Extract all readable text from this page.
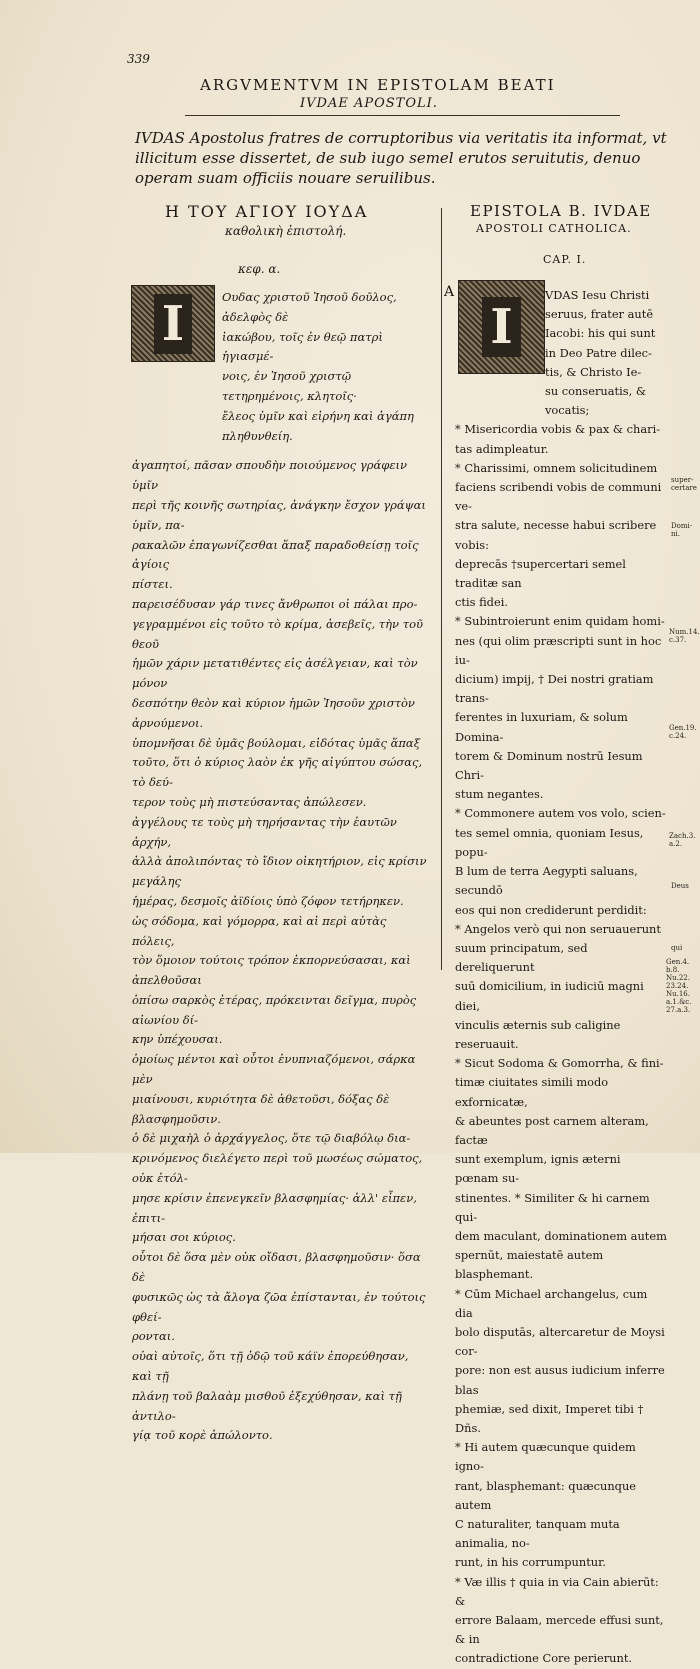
339
ARGVMENTVM IN EPISTOLAM BEATI
IVDAE APOSTOLI.
IVDAS Apostolus fratres de corruptoribus via veritatis ita informat, vt illicitum esse dissertet, de sub iugo semel erutos seruitutis, denuo operam suam officiis nouare seruilibus.
Η ΤΟΥ ΑΓΙΟΥ ΙΟΥΔΑ
καθολικὴ ἐπιστολή.
κεφ. α.
I	Ουδας χριστοῦ Ἰησοῦ δοῦλος, ἀδελφὸς δὲ

ἰακώβου, τοῖς ἐν θεῷ πατρὶ ἡγιασμέ-

νοις, ἐν Ἰησοῦ χριστῷ τετηρημένοις, κλητοῖς·

ἔλεος ὑμῖν καὶ εἰρήνη καὶ ἀγάπη

πληθυνθείη.

ἀγαπητοί, πᾶσαν σπουδὴν ποιούμενος γράφειν ὑμῖν

περὶ τῆς κοινῆς σωτηρίας, ἀνάγκην ἔσχον γράψαι ὑμῖν, πα-

ρακαλῶν ἐπαγωνίζεσθαι ἅπαξ παραδοθείσῃ τοῖς ἁγίοις

πίστει.

παρεισέδυσαν γάρ τινες ἄνθρωποι οἱ πάλαι προ-

γεγραμμένοι εἰς τοῦτο τὸ κρίμα, ἀσεβεῖς, τὴν τοῦ θεοῦ

ἡμῶν χάριν μετατιθέντες εἰς ἀσέλγειαν, καὶ τὸν μόνον

δεσπότην θεὸν καὶ κύριον ἡμῶν Ἰησοῦν χριστὸν ἀρνούμενοι.

ὑπομνῆσαι δὲ ὑμᾶς βούλομαι, εἰδότας ὑμᾶς ἅπαξ

τοῦτο, ὅτι ὁ κύριος λαὸν ἐκ γῆς αἰγύπτου σώσας, τὸ δεύ-

τερον τοὺς μὴ πιστεύσαντας ἀπώλεσεν.

ἀγγέλους τε τοὺς μὴ τηρήσαντας τὴν ἑαυτῶν ἀρχήν,

ἀλλὰ ἀπολιπόντας τὸ ἴδιον οἰκητήριον, εἰς κρίσιν μεγάλης

ἡμέρας, δεσμοῖς ἀϊδίοις ὑπὸ ζόφον τετήρηκεν.

ὡς σόδομα, καὶ γόμορρα, καὶ αἱ περὶ αὐτὰς πόλεις,

τὸν ὅμοιον τούτοις τρόπον ἐκπορνεύσασαι, καὶ ἀπελθοῦσαι

ὀπίσω σαρκὸς ἑτέρας, πρόκεινται δεῖγμα, πυρὸς αἰωνίου δί-

κην ὑπέχουσαι.

ὁμοίως μέντοι καὶ οὗτοι ἐνυπνιαζόμενοι, σάρκα μὲν

μιαίνουσι, κυριότητα δὲ ἀθετοῦσι, δόξας δὲ βλασφημοῦσιν.

ὁ δὲ μιχαὴλ ὁ ἀρχάγγελος, ὅτε τῷ διαβόλῳ δια-

κρινόμενος διελέγετο περὶ τοῦ μωσέως σώματος, οὐκ ἐτόλ-

μησε κρίσιν ἐπενεγκεῖν βλασφημίας· ἀλλ' εἶπεν, ἐπιτι-

μήσαι σοι κύριος.

οὗτοι δὲ ὅσα μὲν οὐκ οἴδασι, βλασφημοῦσιν· ὅσα δὲ

φυσικῶς ὡς τὰ ἄλογα ζῶα ἐπίστανται, ἐν τούτοις φθεί-

ρονται.

οὐαὶ αὐτοῖς, ὅτι τῇ ὁδῷ τοῦ κάϊν ἐπορεύθησαν, καὶ τῇ

πλάνῃ τοῦ βαλαὰμ μισθοῦ ἐξεχύθησαν, καὶ τῇ ἀντιλο-

γίᾳ τοῦ κορὲ ἀπώλοντο.

EPISTOLA B. IVDAE
APOSTOLI CATHOLICA.
CAP. I.
A
I

VDAS Iesu Christi

seruus, frater autē

Iacobi: his qui sunt

in Deo Patre dilec-

tis, & Christo Ie-

su conseruatis, &

vocatis;

* Misericordia vobis & pax & chari-

tas adimpleatur.

* Charissimi, omnem solicitudinem

faciens scribendi vobis de communi ve-

stra salute, necesse habui scribere vobis:

deprecās †supercertari semel traditæ san

ctis fidei.

* Subintroierunt enim quidam homi-

nes (qui olim præscripti sunt in hoc iu-

dicium) impij, † Dei nostri gratiam trans-

ferentes in luxuriam, & solum Domina-

torem & Dominum nostrū Iesum Chri-

stum negantes.

* Commonere autem vos volo, scien-

tes semel omnia, quoniam Iesus, popu-

B lum de terra Aegypti saluans, secundō

eos qui non crediderunt perdidit:

* Angelos verò qui non seruauerunt

suum principatum, sed dereliquerunt

suū domicilium, in iudiciū magni diei,

vinculis æternis sub caligine reseruauit.

* Sicut Sodoma & Gomorrha, & fini-

timæ ciuitates simili modo exfornicatæ,

& abeuntes post carnem alteram, factæ

sunt exemplum, ignis æterni pœnam su-

stinentes. * Similiter & hi carnem qui-

dem maculant, dominationem autem

spernūt, maiestatē autem blasphemant.

* Cūm Michael archangelus, cum dia

bolo disputās, altercaretur de Moysi cor-

pore: non est ausus iudicium inferre blas

phemiæ, sed dixit, Imperet tibi † Dñs.

* Hi autem quæcunque quidem igno-

rant, blasphemant: quæcunque autem

C naturaliter, tanquam muta animalia, no-

runt, in his corrumpuntur.

* Væ illis † quia in via Cain abierūt: &

errore Balaam, mercede effusi sunt, & in

contradictione Core perierunt.

super-
certare
Domi-
ni.
Num.14.
c.37.
Gen.19.
c.24.
Zach.3.
a.2.
Deus
qui
Gen.4.
b.8.
Nu.22.
23.24.
Nu.16.
a.1.&c.
27.a.3.
